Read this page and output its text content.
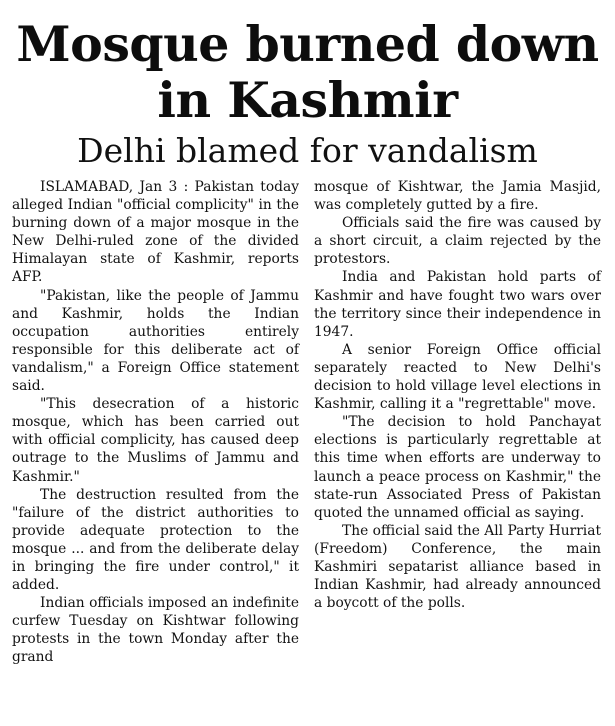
Mosque burned down
in Kashmir
Delhi blamed for vandalism

ISLAMABAD, Jan 3 : Pakistan today alleged Indian "official complicity" in the burning down of a major mosque in the New Delhi-ruled zone of the divided Himalayan state of Kashmir, reports AFP.

"Pakistan, like the people of Jammu and Kashmir, holds the Indian occupation authorities entirely responsible for this deliberate act of vandalism," a Foreign Office statement said.

"This desecration of a historic mosque, which has been carried out with official complicity, has caused deep outrage to the Muslims of Jammu and Kashmir."

The destruction resulted from the "failure of the district authorities to provide adequate protection to the mosque ... and from the deliberate delay in bringing the fire under control," it added.

Indian officials imposed an indefinite curfew Tuesday on Kishtwar following protests in the town Monday after the grand

mosque of Kishtwar, the Jamia Masjid, was completely gutted by a fire.

Officials said the fire was caused by a short circuit, a claim rejected by the protestors.

India and Pakistan hold parts of Kashmir and have fought two wars over the territory since their independence in 1947.

A senior Foreign Office official separately reacted to New Delhi's decision to hold village level elections in Kashmir, calling it a "regrettable" move.

"The decision to hold Panchayat elections is particularly regrettable at this time when efforts are underway to launch a peace process on Kashmir," the state-run Associated Press of Pakistan quoted the unnamed official as saying.

The official said the All Party Hurriat (Freedom) Conference, the main Kashmiri sepatarist alliance based in Indian Kashmir, had already announced a boycott of the polls.
